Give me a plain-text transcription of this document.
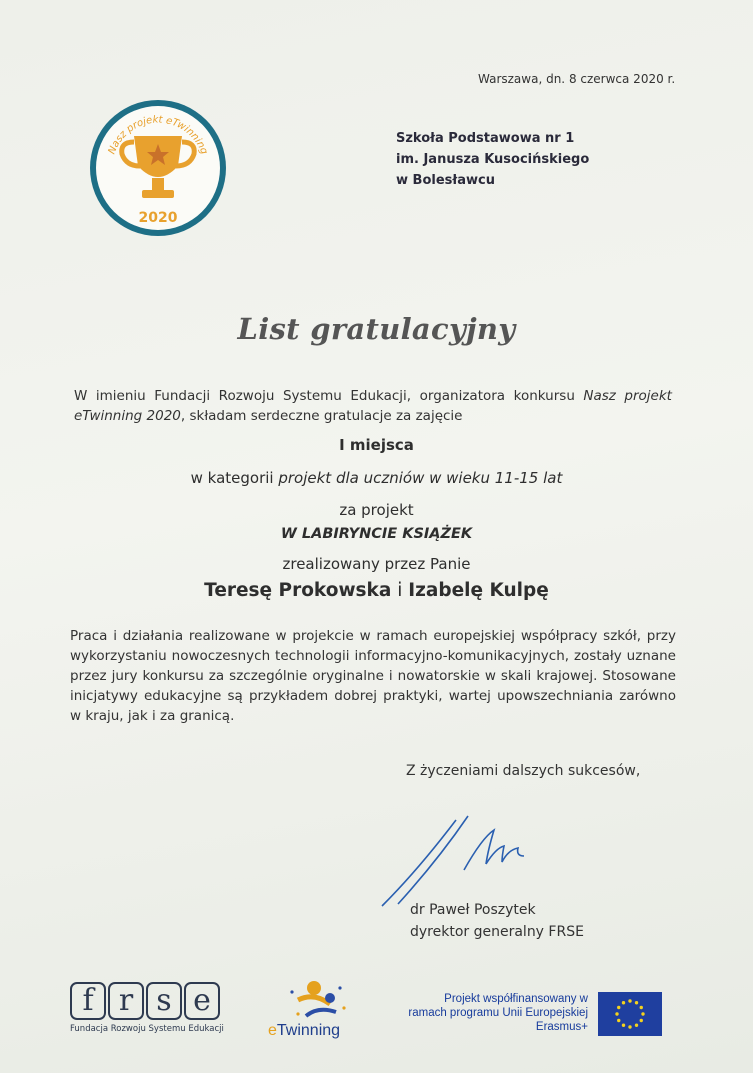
Warszawa, dn. 8 czerwca 2020 r.
Nasz projekt eTwinning
2020
Szkoła Podstawowa nr 1
im. Janusza Kusocińskiego
w Bolesławcu
List gratulacyjny
W imieniu Fundacji Rozwoju Systemu Edukacji, organizatora konkursu Nasz projekt eTwinning 2020, składam serdeczne gratulacje za zajęcie
I miejsca
w kategorii projekt dla uczniów w wieku 11-15 lat
za projekt
W LABIRYNCIE KSIĄŻEK
zrealizowany przez Panie
Teresę Prokowska i Izabelę Kulpę
Praca i działania realizowane w projekcie w ramach europejskiej współpracy szkół, przy wykorzystaniu nowoczesnych technologii informacyjno-komunikacyjnych, zostały uznane przez jury konkursu za szczególnie oryginalne i nowatorskie w skali krajowej. Stosowane inicjatywy edukacyjne są przykładem dobrej praktyki, wartej upowszechniania zarówno w kraju, jak i za granicą.
Z życzeniami dalszych sukcesów,
dr Paweł Poszytek
dyrektor generalny FRSE
f r s e
Fundacja Rozwoju Systemu Edukacji	eTwinning
Projekt współfinansowany w
ramach programu Unii Europejskiej
Erasmus+
